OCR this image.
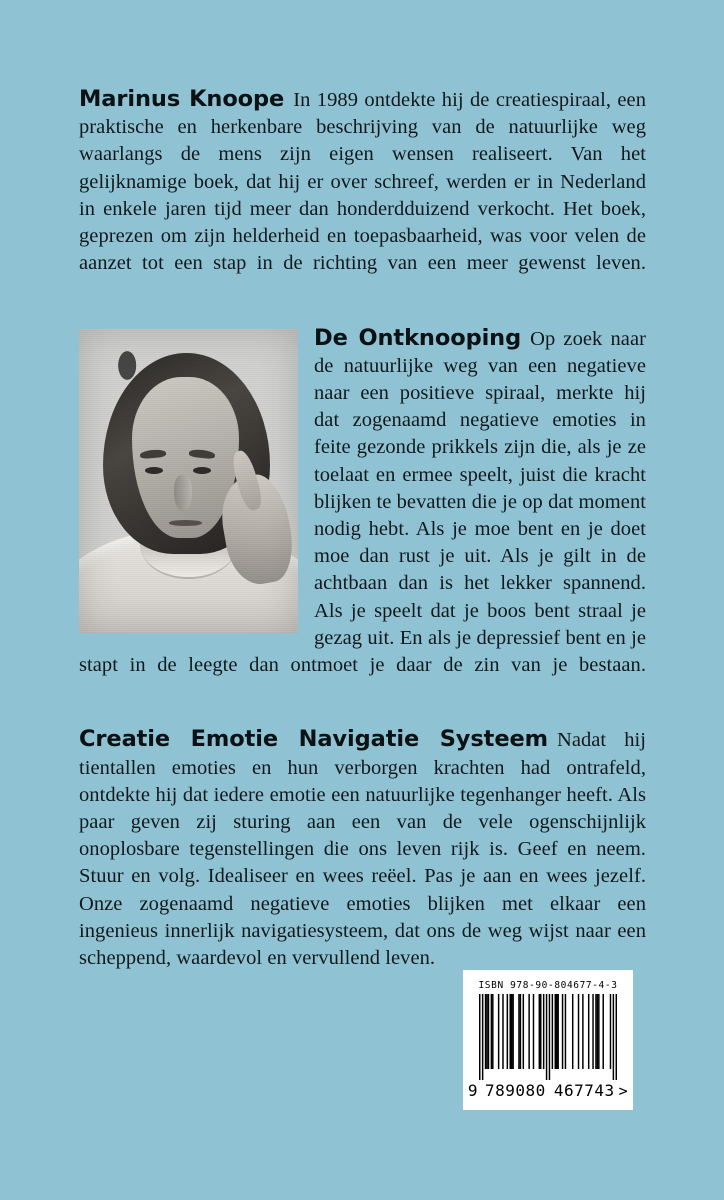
Marinus Knoope In 1989 ontdekte hij de creatiespiraal, een praktische en herkenbare beschrijving van de natuurlijke weg waarlangs de mens zijn eigen wensen realiseert. Van het gelijknamige boek, dat hij er over schreef, werden er in Nederland in enkele jaren tijd meer dan honderdduizend verkocht. Het boek, geprezen om zijn helderheid en toepasbaarheid, was voor velen de aanzet tot een stap in de richting van een meer gewenst leven.

De Ontknooping Op zoek naar de natuurlijke weg van een negatieve naar een positieve spiraal, merkte hij dat zogenaamd negatieve emoties in feite gezonde prikkels zijn die, als je ze toelaat en ermee speelt, juist die kracht blijken te bevatten die je op dat moment nodig hebt. Als je moe bent en je doet moe dan rust je uit. Als je gilt in de achtbaan dan is het lekker spannend. Als je speelt dat je boos bent straal je gezag uit. En als je depressief bent en je stapt in de leegte dan ontmoet je daar de zin van je bestaan.

Creatie Emotie Navigatie Systeem Nadat hij tientallen emoties en hun verborgen krachten had ontrafeld, ontdekte hij dat iedere emotie een natuurlijke tegenhanger heeft. Als paar geven zij sturing aan een van de vele ogenschijnlijk onoplosbare tegenstellingen die ons leven rijk is. Geef en neem. Stuur en volg. Idealiseer en wees reëel. Pas je aan en wees jezelf. Onze zogenaamd negatieve emoties blijken met elkaar een ingenieus innerlijk navigatiesysteem, dat ons de weg wijst naar een scheppend, waardevol en vervullend leven.

ISBN 978-90-804677-4-3
9 789080 467743 >
